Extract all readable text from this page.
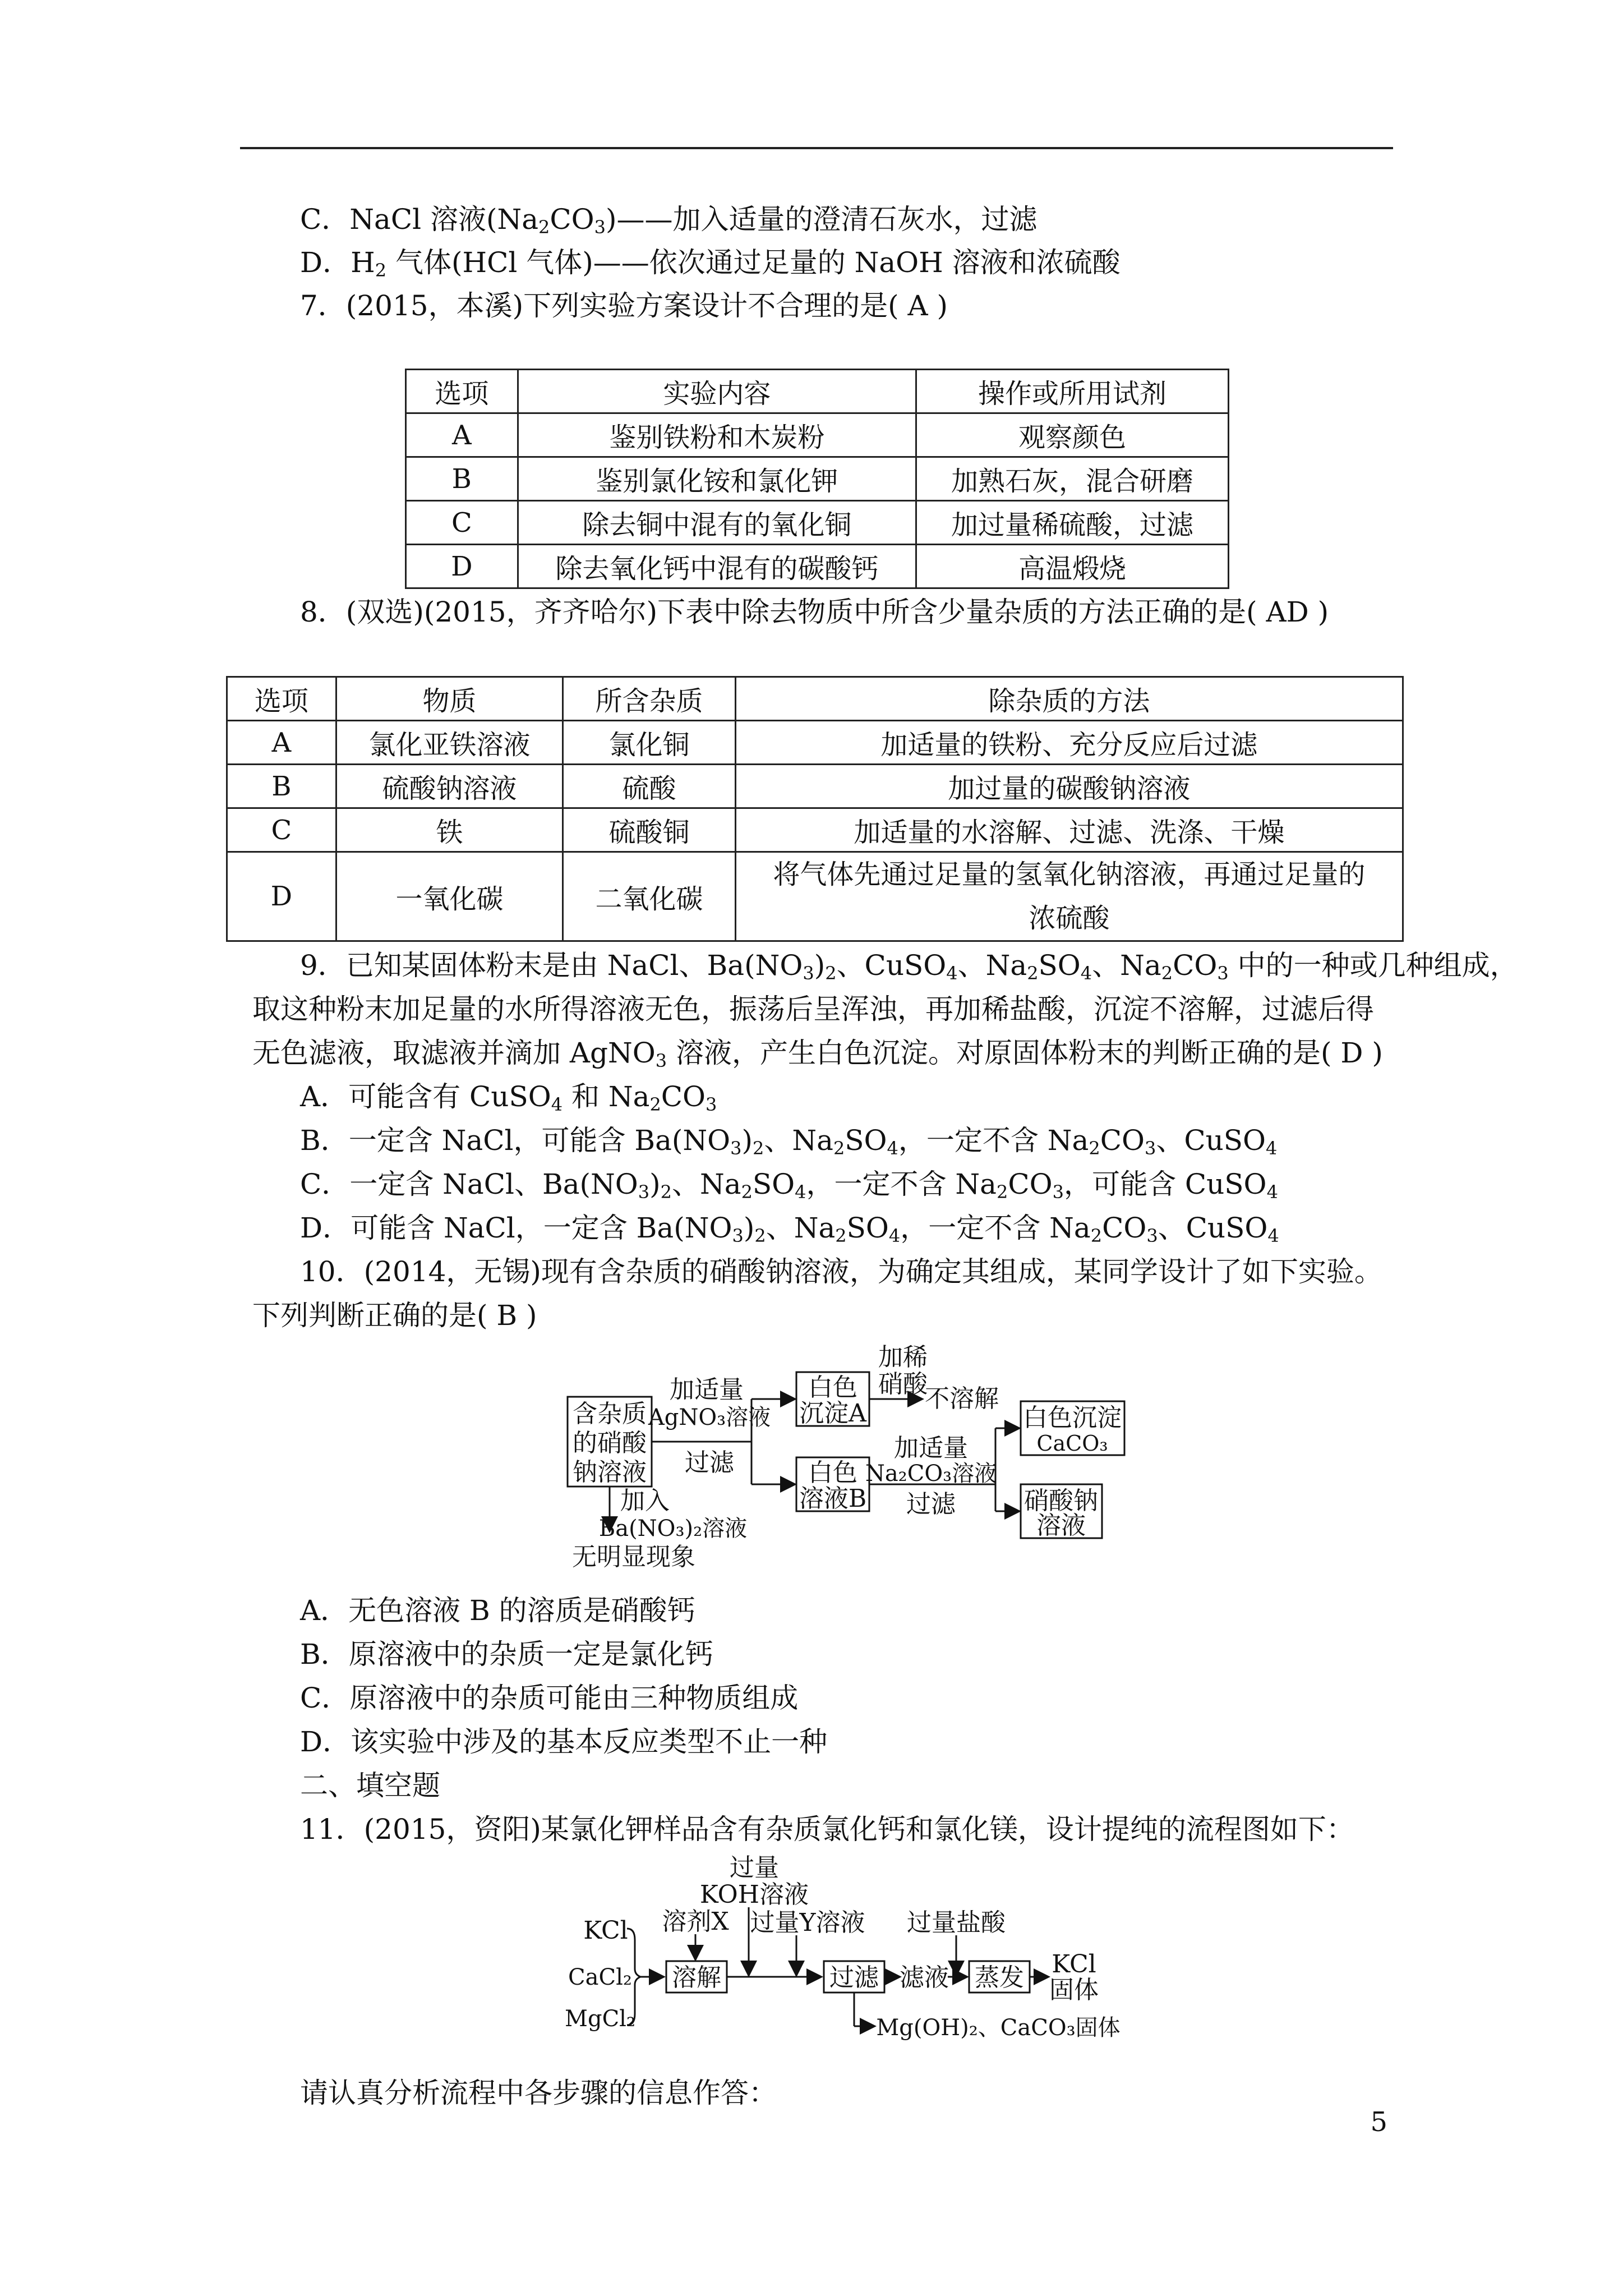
C．NaCl 溶液$(Na_2CO_3)——$加入适量的澄清石灰水，过滤
D．$H_2$ 气体(HCl 气体)——依次通过足量的 NaOH 溶液和浓硫酸
7．(2015，本溪)下列实验方案设计不合理的是( A )
选项	实验内容	操作或所用试剂
A	鉴别铁粉和木炭粉	观察颜色
B	鉴别氯化铵和氯化钾	加熟石灰，混合研磨
C	除去铜中混有的氧化铜	加过量稀硫酸，过滤
D	除去氧化钙中混有的碳酸钙	高温煅烧
8．(双选)(2015，齐齐哈尔)下表中除去物质中所含少量杂质的方法正确的是( AD )
选项	物质	所含杂质	除杂质的方法
A	氯化亚铁溶液	氯化铜	加适量的铁粉、充分反应后过滤
B	硫酸钠溶液	硫酸	加过量的碳酸钠溶液
C	铁	硫酸铜	加适量的水溶解、过滤、洗涤、干燥
D	一氧化碳	二氧化碳	将气体先通过足量的氢氧化钠溶液，再通过足量的
浓硫酸
9．已知某固体粉末是由 NaCl、$Ba(NO_3)_2$、CuSO$_4$、$Na_2SO_4$、$Na_2CO_3$ 中的一种或几种组成，
取这种粉末加足量的水所得溶液无色，振荡后呈浑浊，再加稀盐酸，沉淀不溶解，过滤后得
无色滤液，取滤液并滴加 AgNO$_3$ 溶液，产生白色沉淀。对原固体粉末的判断正确的是( D )
A．可能含有 CuSO$_4$ 和 $Na_2CO_3$
B．一定含 NaCl，可能含 $Ba(NO_3)_2$、$Na_2SO_4$，一定不含 $Na_2CO_3$、CuSO$_4$
C．一定含 NaCl、$Ba(NO_3)_2$、$Na_2SO_4$，一定不含 $Na_2CO_3$，可能含 CuSO$_4$
D．可能含 NaCl，一定含 $Ba(NO_3)_2$、$Na_2SO_4$，一定不含 $Na_2CO_3$、CuSO$_4$
10．(2014，无锡)现有含杂质的硝酸钠溶液，为确定其组成，某同学设计了如下实验。
下列判断正确的是( B )
含杂质
的硝酸
钠溶液
加适量
AgNO₃溶液
过滤
白色
沉淀A
加稀
硝酸
不溶解
白色
溶液B
加适量
Na₂CO₃溶液
过滤
白色沉淀
CaCO₃
硝酸钠
溶液
加入
Ba(NO₃)₂溶液
无明显现象
A．无色溶液 B 的溶质是硝酸钙
B．原溶液中的杂质一定是氯化钙
C．原溶液中的杂质可能由三种物质组成
D．该实验中涉及的基本反应类型不止一种
二、填空题
11．(2015，资阳)某氯化钾样品含有杂质氯化钙和氯化镁，设计提纯的流程图如下：
KCl
CaCl₂
MgCl₂
溶剂X
溶解
过量
KOH溶液
过量Y溶液
过滤 滤液
过量盐酸
蒸发 KCl
固体
Mg(OH)₂、CaCO₃固体
请认真分析流程中各步骤的信息作答：
5
